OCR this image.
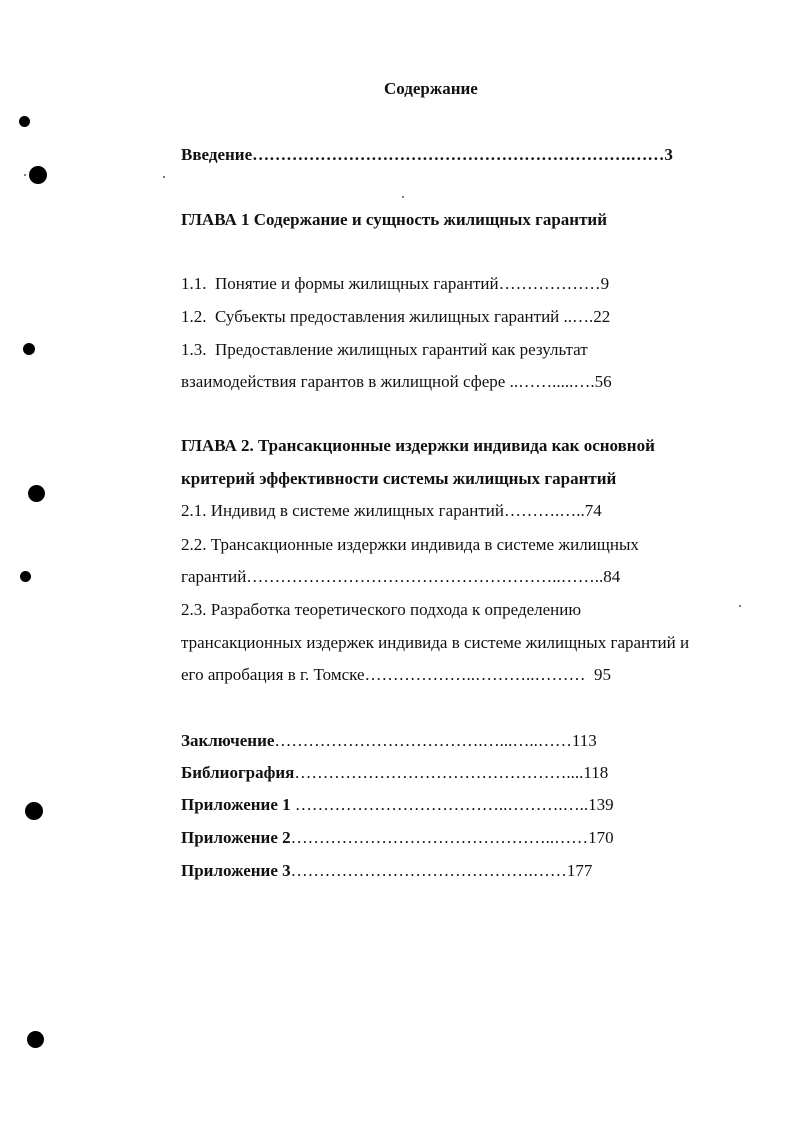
Содержание
Введение………………………………………………………….……3
ГЛАВА 1 Содержание и сущность жилищных гарантий
1.1.  Понятие и формы жилищных гарантий………………9
1.2.  Субъекты предоставления жилищных гарантий ..….22
1.3.  Предоставление жилищных гарантий как результат
взаимодействия гарантов в жилищной сфере ..…….....….56
ГЛАВА 2. Трансакционные издержки индивида как основной
критерий эффективности системы жилищных гарантий
2.1. Индивид в системе жилищных гарантий……….…..74
2.2. Трансакционные издержки индивида в системе жилищных
гарантий………………………………………………..……..84
2.3. Разработка теоретического подхода к определению
трансакционных издержек индивида в системе жилищных гарантий и
его апробация в г. Томске………………..………..………  95
Заключение……………………………….…...…..……113
Библиография…………………………………………....118
Приложение 1 ………………………………..……….…..139
Приложение 2………………………………………..……170
Приложение 3…………………………………….……177
